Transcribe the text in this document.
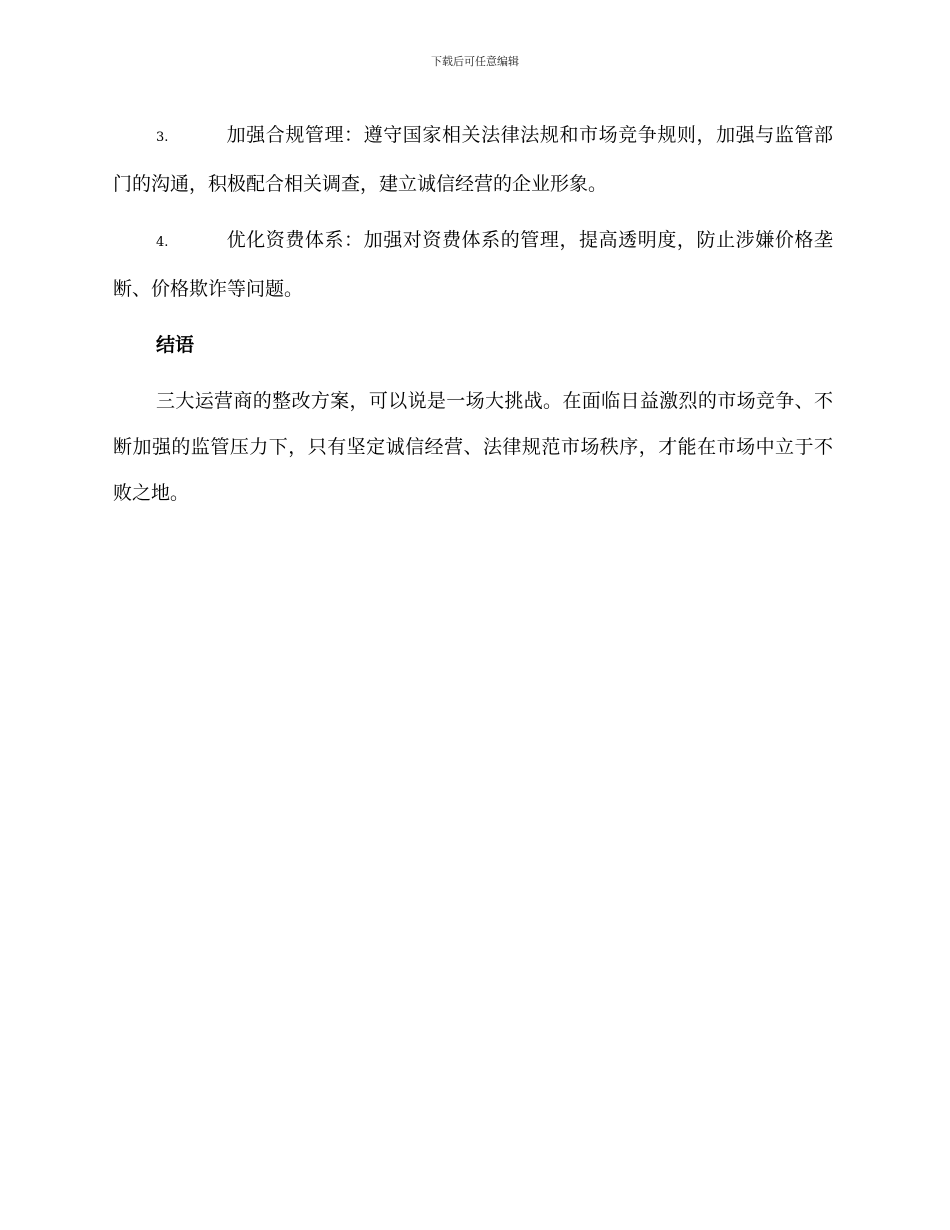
下载后可任意编辑

3.	加强合规管理：遵守国家相关法律法规和市场竞争规则，加强与监管部门的沟通，积极配合相关调查，建立诚信经营的企业形象。

4.	优化资费体系：加强对资费体系的管理，提高透明度，防止涉嫌价格垄断、价格欺诈等问题。

结语

三大运营商的整改方案，可以说是一场大挑战。在面临日益激烈的市场竞争、不断加强的监管压力下，只有坚定诚信经营、法律规范市场秩序，才能在市场中立于不败之地。
